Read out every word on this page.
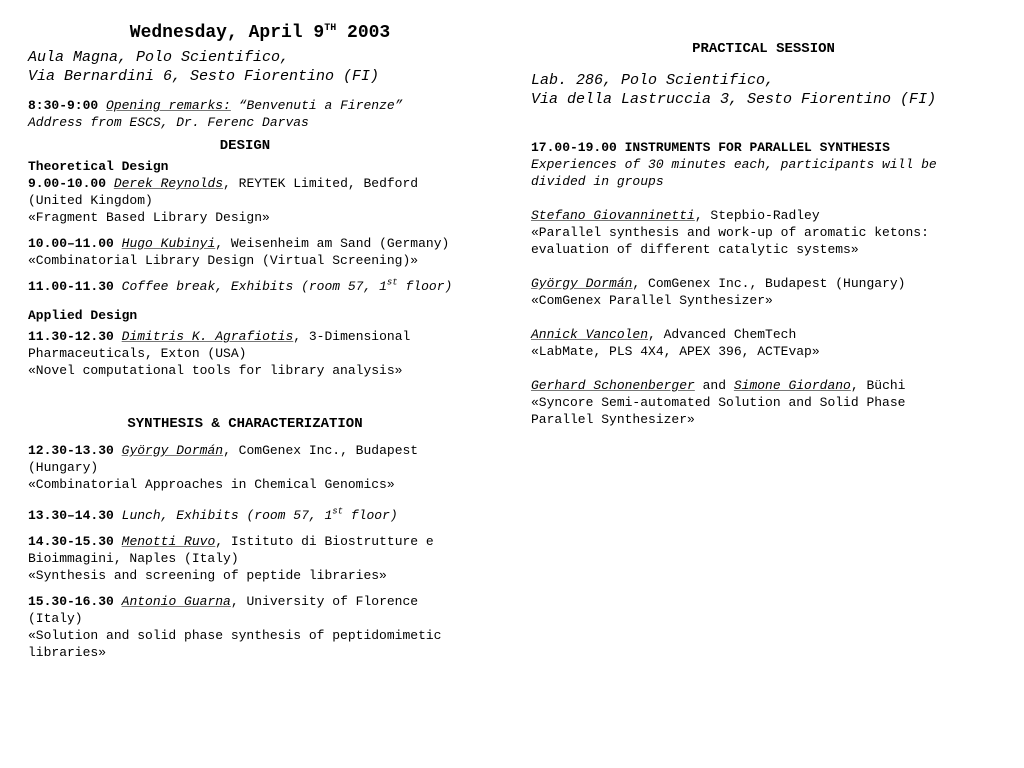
Wednesday, April 9TH 2003

Aula Magna, Polo Scientifico,

Via Bernardini 6, Sesto Fiorentino (FI)

8:30-9:00 Opening remarks: “Benvenuti a Firenze”

Address from ESCS, Dr. Ferenc Darvas

DESIGN

Theoretical Design

9.00-10.00 Derek Reynolds, REYTEK Limited, Bedford

(United Kingdom)

«Fragment Based Library Design»

10.00–11.00 Hugo Kubinyi, Weisenheim am Sand (Germany)

«Combinatorial Library Design (Virtual Screening)»

11.00-11.30 Coffee break, Exhibits (room 57, 1st floor)

Applied Design

11.30-12.30 Dimitris K. Agrafiotis, 3-Dimensional

Pharmaceuticals, Exton (USA)

«Novel computational tools for library analysis»

SYNTHESIS & CHARACTERIZATION

12.30-13.30 György Dormán, ComGenex Inc., Budapest

(Hungary)

«Combinatorial Approaches in Chemical Genomics»

13.30–14.30 Lunch, Exhibits (room 57, 1st floor)

14.30-15.30 Menotti Ruvo, Istituto di Biostrutture e

Bioimmagini, Naples (Italy)

«Synthesis and screening of peptide libraries»

15.30-16.30 Antonio Guarna, University of Florence

(Italy)

«Solution and solid phase synthesis of peptidomimetic

libraries»

PRACTICAL SESSION

Lab. 286, Polo Scientifico,

Via della Lastruccia 3, Sesto Fiorentino (FI)

17.00-19.00 INSTRUMENTS FOR PARALLEL SYNTHESIS

Experiences of 30 minutes each, participants will be

divided in groups

Stefano Giovanninetti, Stepbio-Radley

«Parallel synthesis and work-up of aromatic ketons:

evaluation of different catalytic systems»

György Dormán, ComGenex Inc., Budapest (Hungary)

«ComGenex Parallel Synthesizer»

Annick Vancolen, Advanced ChemTech

«LabMate, PLS 4X4, APEX 396, ACTEvap»

Gerhard Schonenberger and Simone Giordano, Büchi

«Syncore Semi-automated Solution and Solid Phase

Parallel Synthesizer»
